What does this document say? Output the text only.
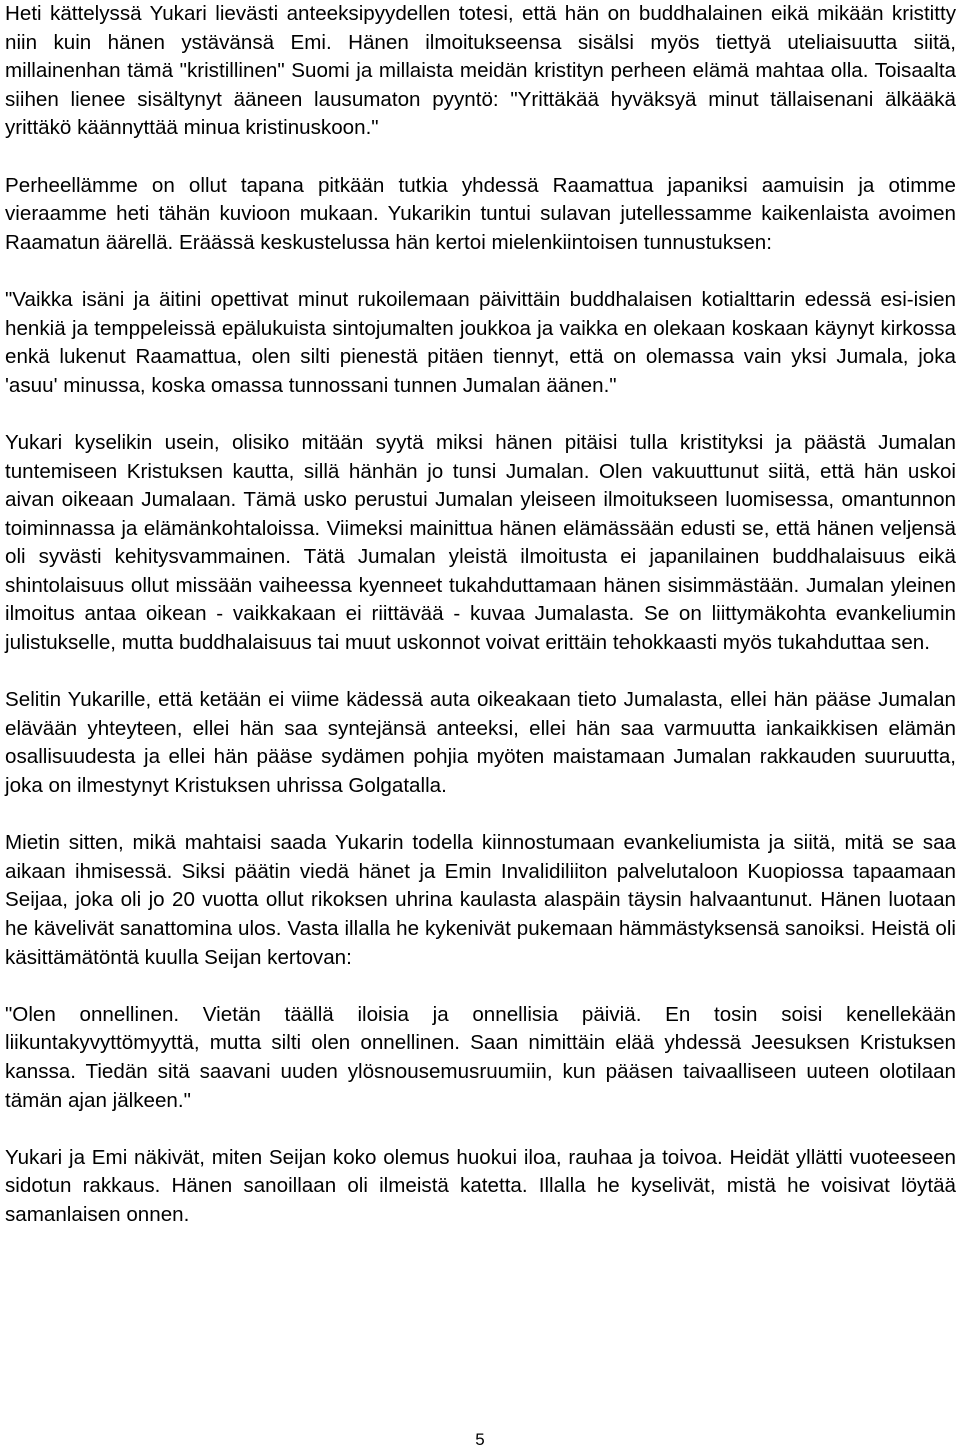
Heti kättelyssä Yukari lievästi anteeksipyydellen totesi, että hän on buddhalainen eikä mikään kristitty niin kuin hänen ystävänsä Emi. Hänen ilmoitukseensa sisälsi myös tiettyä uteliaisuutta siitä, millainenhan tämä "kristillinen" Suomi ja millaista meidän kristityn perheen elämä mahtaa olla. Toisaalta siihen lienee sisältynyt ääneen lausumaton pyyntö: "Yrittäkää hyväksyä minut tällaisenani älkääkä yrittäkö käännyttää minua kristinuskoon."

Perheellämme on ollut tapana pitkään tutkia yhdessä Raamattua japaniksi aamuisin ja otimme vieraamme heti tähän kuvioon mukaan. Yukarikin tuntui sulavan jutellessamme kaikenlaista avoimen Raamatun äärellä. Eräässä keskustelussa hän kertoi mielenkiintoisen tunnustuksen:

"Vaikka isäni ja äitini opettivat minut rukoilemaan päivittäin buddhalaisen kotialttarin edessä esi-isien henkiä ja temppeleissä epälukuista sintojumalten joukkoa ja vaikka en olekaan koskaan käynyt kirkossa enkä lukenut Raamattua, olen silti pienestä pitäen tiennyt, että on olemassa vain yksi Jumala, joka 'asuu' minussa, koska omassa tunnossani tunnen Jumalan äänen."

Yukari kyselikin usein, olisiko mitään syytä miksi hänen pitäisi tulla kristityksi ja päästä Jumalan tuntemiseen Kristuksen kautta, sillä hänhän jo tunsi Jumalan. Olen vakuuttunut siitä, että hän uskoi aivan oikeaan Jumalaan. Tämä usko perustui Jumalan yleiseen ilmoitukseen luomisessa, omantunnon toiminnassa ja elämänkohtaloissa. Viimeksi mainittua hänen elämässään edusti se, että hänen veljensä oli syvästi kehitysvammainen. Tätä Jumalan yleistä ilmoitusta ei japanilainen buddhalaisuus eikä shintolaisuus ollut missään vaiheessa kyenneet tukahduttamaan hänen sisimmästään. Jumalan yleinen ilmoitus antaa oikean - vaikkakaan ei riittävää - kuvaa Jumalasta. Se on liittymäkohta evankeliumin julistukselle, mutta buddhalaisuus tai muut uskonnot voivat erittäin tehokkaasti myös tukahduttaa sen.

Selitin Yukarille, että ketään ei viime kädessä auta oikeakaan tieto Jumalasta, ellei hän pääse Jumalan elävään yhteyteen, ellei hän saa syntejänsä anteeksi, ellei hän saa varmuutta iankaikkisen elämän osallisuudesta ja ellei hän pääse sydämen pohjia myöten maistamaan Jumalan rakkauden suuruutta, joka on ilmestynyt Kristuksen uhrissa Golgatalla.

Mietin sitten, mikä mahtaisi saada Yukarin todella kiinnostumaan evankeliumista ja siitä, mitä se saa aikaan ihmisessä. Siksi päätin viedä hänet ja Emin Invalidiliiton palvelutaloon Kuopiossa tapaamaan Seijaa, joka oli jo 20 vuotta ollut rikoksen uhrina kaulasta alaspäin täysin halvaantunut. Hänen luotaan he kävelivät sanattomina ulos. Vasta illalla he kykenivät pukemaan hämmästyksensä sanoiksi. Heistä oli käsittämätöntä kuulla Seijan kertovan:

"Olen onnellinen. Vietän täällä iloisia ja onnellisia päiviä. En tosin soisi kenellekään liikuntakyvyttömyyttä, mutta silti olen onnellinen. Saan nimittäin elää yhdessä Jeesuksen Kristuksen kanssa. Tiedän sitä saavani uuden ylösnousemusruumiin, kun pääsen taivaalliseen uuteen olotilaan tämän ajan jälkeen."

Yukari ja Emi näkivät, miten Seijan koko olemus huokui iloa, rauhaa ja toivoa. Heidät yllätti vuoteeseen sidotun rakkaus. Hänen sanoillaan oli ilmeistä katetta. Illalla he kyselivät, mistä he voisivat löytää samanlaisen onnen.

5
